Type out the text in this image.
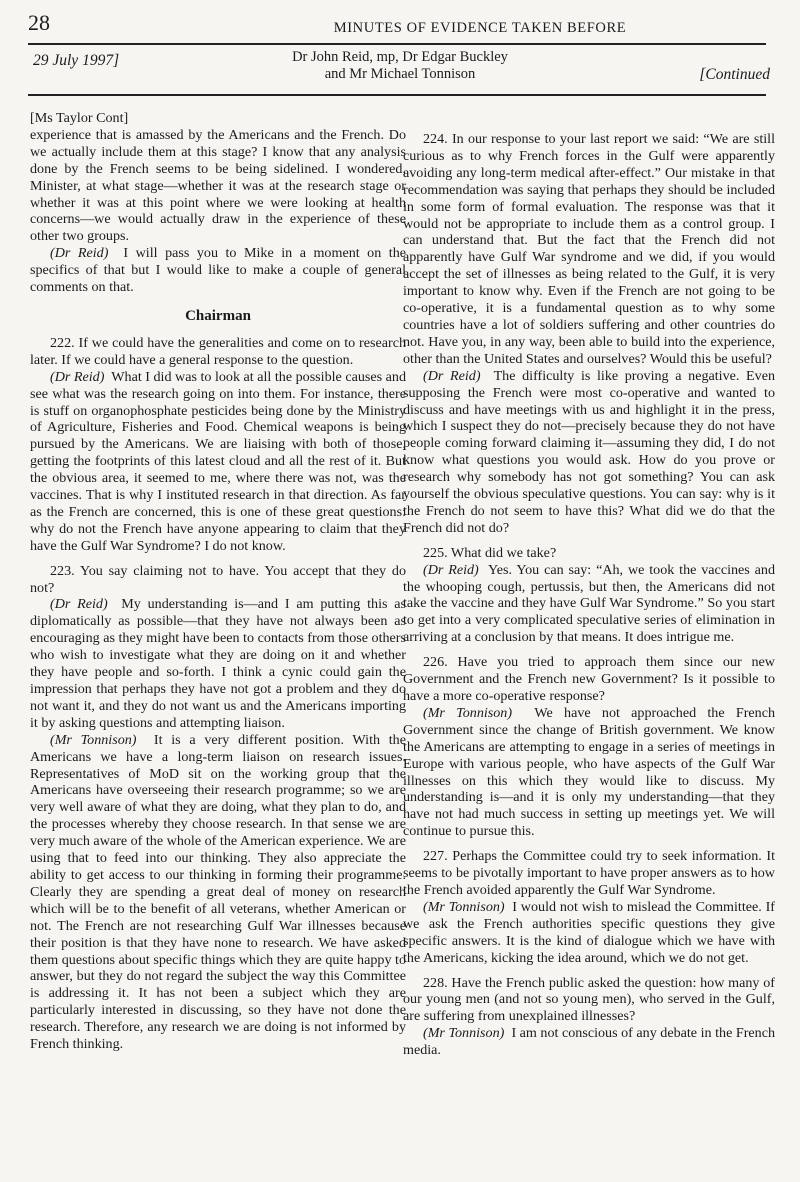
28	MINUTES OF EVIDENCE TAKEN BEFORE
29 July 1997]	Dr John Reid, mp, Dr Edgar Buckley
and Mr Michael Tonnison	[Continued

[Ms Taylor Cont]

experience that is amassed by the Americans and the French. Do we actually include them at this stage? I know that any analysis done by the French seems to be being sidelined. I wondered, Minister, at what stage—whether it was at the research stage or whether it was at this point where we were looking at health concerns—we would actually draw in the experience of these other two groups.

(Dr Reid) I will pass you to Mike in a moment on the specifics of that but I would like to make a couple of general comments on that.

Chairman

222. If we could have the generalities and come on to research later. If we could have a general response to the question.

(Dr Reid) What I did was to look at all the possible causes and see what was the research going on into them. For instance, there is stuff on organophosphate pesticides being done by the Ministry of Agriculture, Fisheries and Food. Chemical weapons is being pursued by the Americans. We are liaising with both of those, getting the footprints of this latest cloud and all the rest of it. But the obvious area, it seemed to me, where there was not, was the vaccines. That is why I instituted research in that direction. As far as the French are concerned, this is one of these great questions: why do not the French have anyone appearing to claim that they have the Gulf War Syndrome? I do not know.

223. You say claiming not to have. You accept that they do not?

(Dr Reid) My understanding is—and I am putting this as diplomatically as possible—that they have not always been as encouraging as they might have been to contacts from those others who wish to investigate what they are doing on it and whether they have people and so-forth. I think a cynic could gain the impression that perhaps they have not got a problem and they do not want it, and they do not want us and the Americans importing it by asking questions and attempting liaison.

(Mr Tonnison) It is a very different position. With the Americans we have a long-term liaison on research issues. Representatives of MoD sit on the working group that the Americans have overseeing their research programme; so we are very well aware of what they are doing, what they plan to do, and the processes whereby they choose research. In that sense we are very much aware of the whole of the American experience. We are using that to feed into our thinking. They also appreciate the ability to get access to our thinking in forming their programme. Clearly they are spending a great deal of money on research which will be to the benefit of all veterans, whether American or not. The French are not researching Gulf War illnesses because their position is that they have none to research. We have asked them questions about specific things which they are quite happy to answer, but they do not regard the subject the way this Committee is addressing it. It has not been a subject which they are particularly interested in discussing, so they have not done the research. Therefore, any research we are doing is not informed by French thinking.

224. In our response to your last report we said: “We are still curious as to why French forces in the Gulf were apparently avoiding any long-term medical after-effect.” Our mistake in that recommendation was saying that perhaps they should be included in some form of formal evaluation. The response was that it would not be appropriate to include them as a control group. I can understand that. But the fact that the French did not apparently have Gulf War syndrome and we did, if you would accept the set of illnesses as being related to the Gulf, it is very important to know why. Even if the French are not going to be co-operative, it is a fundamental question as to why some countries have a lot of soldiers suffering and other countries do not. Have you, in any way, been able to build into the experience, other than the United States and ourselves? Would this be useful?

(Dr Reid) The difficulty is like proving a negative. Even supposing the French were most co-operative and wanted to discuss and have meetings with us and highlight it in the press, which I suspect they do not—precisely because they do not have people coming forward claiming it—assuming they did, I do not know what questions you would ask. How do you prove or research why somebody has not got something? You can ask yourself the obvious speculative questions. You can say: why is it the French do not seem to have this? What did we do that the French did not do?

225. What did we take?

(Dr Reid) Yes. You can say: “Ah, we took the vaccines and the whooping cough, pertussis, but then, the Americans did not take the vaccine and they have Gulf War Syndrome.” So you start to get into a very complicated speculative series of elimination in arriving at a conclusion by that means. It does intrigue me.

226. Have you tried to approach them since our new Government and the French new Government? Is it possible to have a more co-operative response?

(Mr Tonnison) We have not approached the French Government since the change of British government. We know the Americans are attempting to engage in a series of meetings in Europe with various people, who have aspects of the Gulf War illnesses on this which they would like to discuss. My understanding is—and it is only my understanding—that they have not had much success in setting up meetings yet. We will continue to pursue this.

227. Perhaps the Committee could try to seek information. It seems to be pivotally important to have proper answers as to how the French avoided apparently the Gulf War Syndrome.

(Mr Tonnison) I would not wish to mislead the Committee. If we ask the French authorities specific questions they give specific answers. It is the kind of dialogue which we have with the Americans, kicking the idea around, which we do not get.

228. Have the French public asked the question: how many of our young men (and not so young men), who served in the Gulf, are suffering from unexplained illnesses?

(Mr Tonnison) I am not conscious of any debate in the French media.
